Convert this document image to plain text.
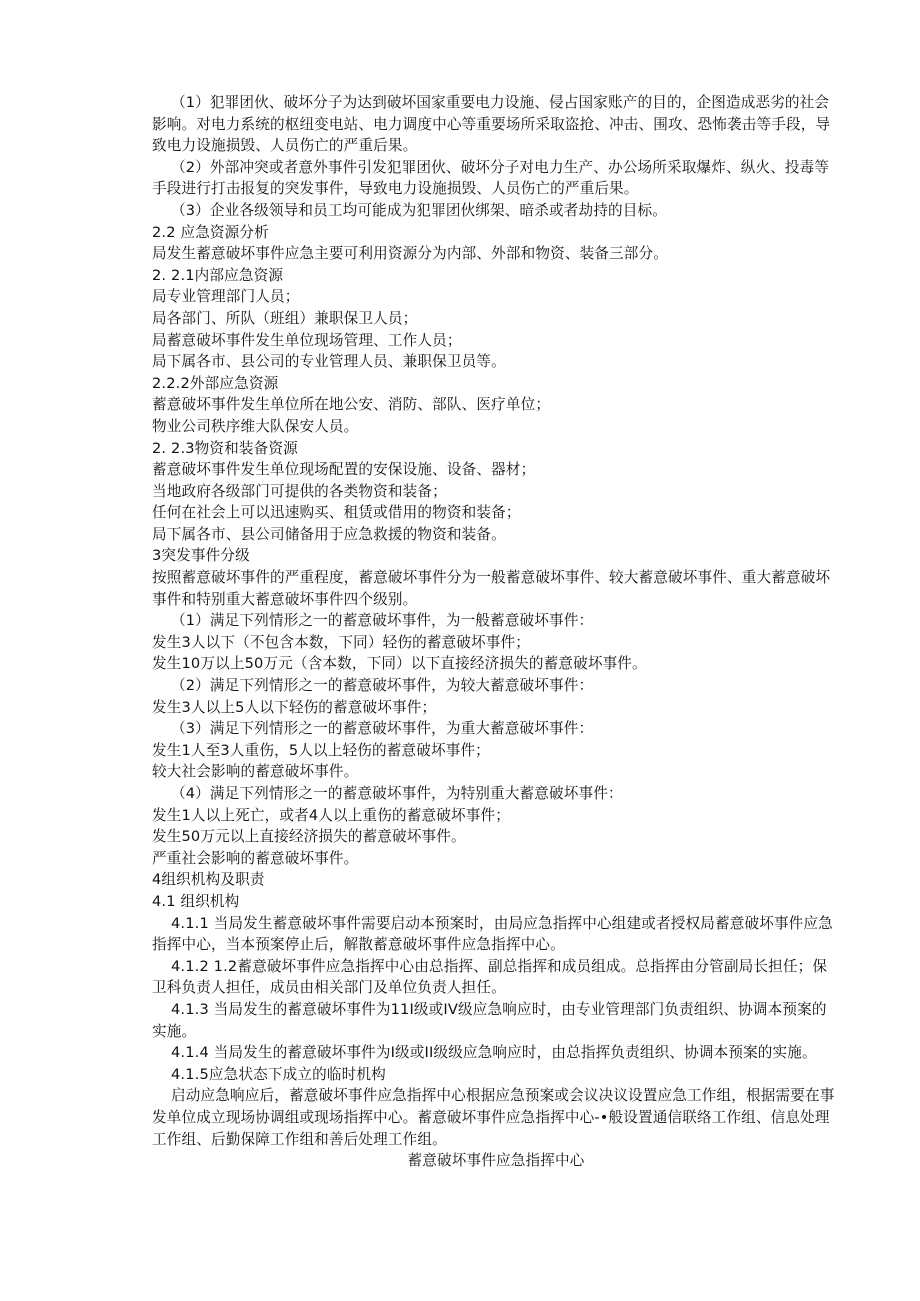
（1）犯罪团伙、破坏分子为达到破坏国家重要电力设施、侵占国家账产的目的，企图造成恶劣的社会影响。对电力系统的枢纽变电站、电力调度中心等重要场所采取盗抢、冲击、围攻、恐怖袭击等手段，导致电力设施损毁、人员伤亡的严重后果。

（2）外部冲突或者意外事件引发犯罪团伙、破坏分子对电力生产、办公场所采取爆炸、纵火、投毒等手段进行打击报复的突发事件，导致电力设施损毁、人员伤亡的严重后果。

（3）企业各级领导和员工均可能成为犯罪团伙绑架、暗杀或者劫持的目标。

2.2 应急资源分析

局发生蓄意破坏事件应急主要可利用资源分为内部、外部和物资、装备三部分。

2. 2.1内部应急资源

局专业管理部门人员；

局各部门、所队（班组）兼职保卫人员；

局蓄意破坏事件发生单位现场管理、工作人员；

局下属各市、县公司的专业管理人员、兼职保卫员等。

2.2.2外部应急资源

蓄意破坏事件发生单位所在地公安、消防、部队、医疗单位；

物业公司秩序维大队保安人员。

2. 2.3物资和装备资源

蓄意破坏事件发生单位现场配置的安保设施、设备、器材；

当地政府各级部门可提供的各类物资和装备；

任何在社会上可以迅速购买、租赁或借用的物资和装备；

局下属各市、县公司储备用于应急救援的物资和装备。

3突发事件分级

按照蓄意破坏事件的严重程度，蓄意破坏事件分为一般蓄意破坏事件、较大蓄意破坏事件、重大蓄意破坏事件和特别重大蓄意破坏事件四个级别。

（1）满足下列情形之一的蓄意破坏事件，为一般蓄意破坏事件：

发生3人以下（不包含本数，下同）轻伤的蓄意破坏事件；

发生10万以上50万元（含本数，下同）以下直接经济损失的蓄意破坏事件。

（2）满足下列情形之一的蓄意破坏事件，为较大蓄意破坏事件：

发生3人以上5人以下轻伤的蓄意破坏事件；

（3）满足下列情形之一的蓄意破坏事件，为重大蓄意破坏事件：

发生1人至3人重伤，5人以上轻伤的蓄意破坏事件；

较大社会影响的蓄意破坏事件。

（4）满足下列情形之一的蓄意破坏事件，为特别重大蓄意破坏事件：

发生1人以上死亡，或者4人以上重伤的蓄意破坏事件；

发生50万元以上直接经济损失的蓄意破坏事件。

严重社会影响的蓄意破坏事件。

4组织机构及职责

4.1 组织机构

4.1.1 当局发生蓄意破坏事件需要启动本预案时，由局应急指挥中心组建或者授权局蓄意破坏事件应急指挥中心，当本预案停止后，解散蓄意破坏事件应急指挥中心。

4.1.2 1.2蓄意破坏事件应急指挥中心由总指挥、副总指挥和成员组成。总指挥由分管副局长担任；保卫科负责人担任，成员由相关部门及单位负责人担任。

4.1.3 当局发生的蓄意破坏事件为11I级或IV级应急响应时，由专业管理部门负责组织、协调本预案的实施。

4.1.4 当局发生的蓄意破坏事件为I级或II级级应急响应时，由总指挥负责组织、协调本预案的实施。

4.1.5应急状态下成立的临时机构

启动应急响应后，蓄意破坏事件应急指挥中心根据应急预案或会议决议设置应急工作组，根据需要在事发单位成立现场协调组或现场指挥中心。蓄意破坏事件应急指挥中心-•般设置通信联络工作组、信息处理工作组、后勤保障工作组和善后处理工作组。

蓄意破坏事件应急指挥中心
